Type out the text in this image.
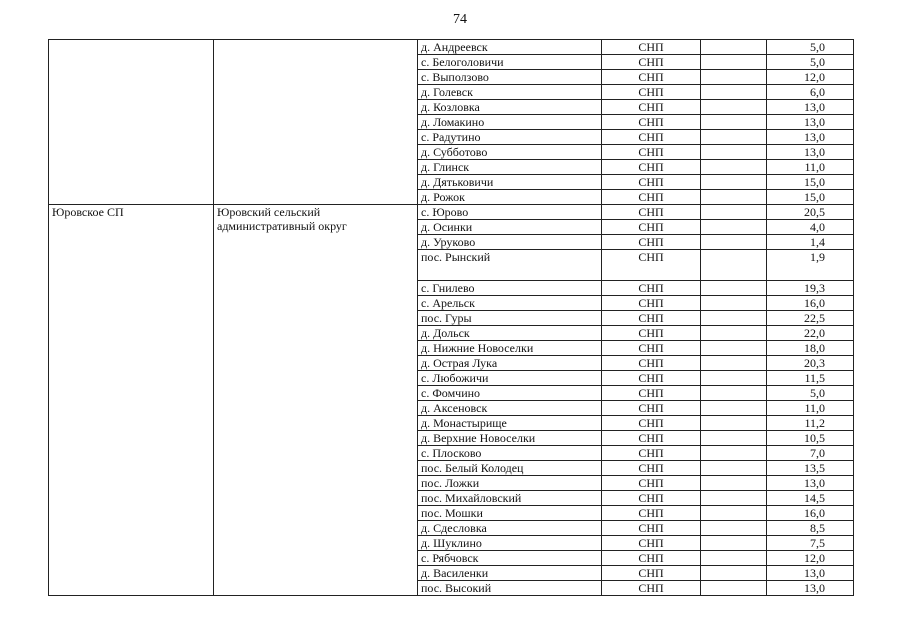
74
		д. Андреевск	СНП		5,0
		с. Белоголовичи	СНП		5,0
		с. Выползово	СНП		12,0
		д. Голевск	СНП		6,0
		д. Козловка	СНП		13,0
		д. Ломакино	СНП		13,0
		с. Радутино	СНП		13,0
		д. Субботово	СНП		13,0
		д. Глинск	СНП		11,0
		д. Дятьковичи	СНП		15,0
		д. Рожок	СНП		15,0
Юровское СП	Юровский сельский административный округ	с. Юрово	СНП		20,5
		д. Осинки	СНП		4,0
		д. Уруково	СНП		1,4
		пос. Рынский	СНП		1,9
		с. Гнилево	СНП		19,3
		с. Арельск	СНП		16,0
		пос. Гуры	СНП		22,5
		д. Дольск	СНП		22,0
		д. Нижние Новоселки	СНП		18,0
		д. Острая Лука	СНП		20,3
		с. Любожичи	СНП		11,5
		с. Фомчино	СНП		5,0
		д. Аксеновск	СНП		11,0
		д. Монастырище	СНП		11,2
		д. Верхние Новоселки	СНП		10,5
		с. Плосково	СНП		7,0
		пос. Белый Колодец	СНП		13,5
		пос. Ложки	СНП		13,0
		пос. Михайловский	СНП		14,5
		пос. Мошки	СНП		16,0
		д. Сдесловка	СНП		8,5
		д. Шуклино	СНП		7,5
		с. Рябчовск	СНП		12,0
		д. Василенки	СНП		13,0
		пос. Высокий	СНП		13,0
